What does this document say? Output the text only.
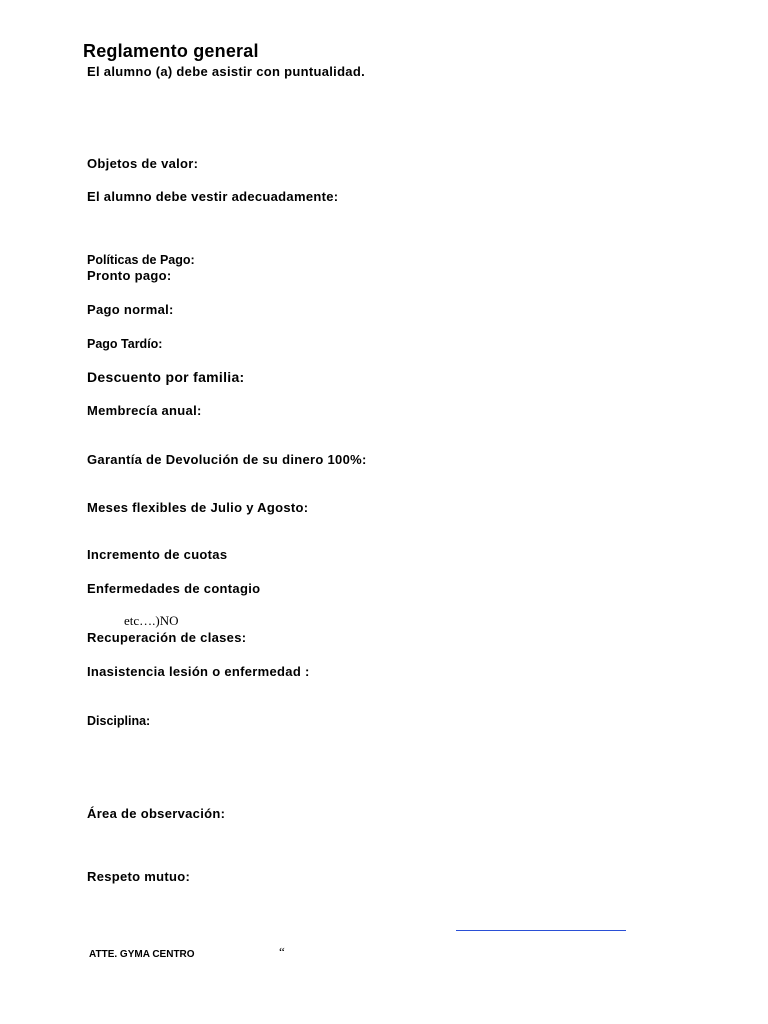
Reglamento general
El alumno (a) debe asistir con puntualidad.
Objetos de valor:
El alumno debe vestir adecuadamente:
Políticas de Pago:
Pronto pago:
Pago normal:
Pago Tardío:
Descuento por familia:
Membrecía anual:
Garantía de Devolución de su dinero 100%:
Meses flexibles de Julio y Agosto:
Incremento de cuotas
Enfermedades de contagio
etc….)NO
Recuperación de clases:
Inasistencia lesión o enfermedad :
Disciplina:
Área de observación:
Respeto mutuo:
ATTE. GYMA CENTRO	“
